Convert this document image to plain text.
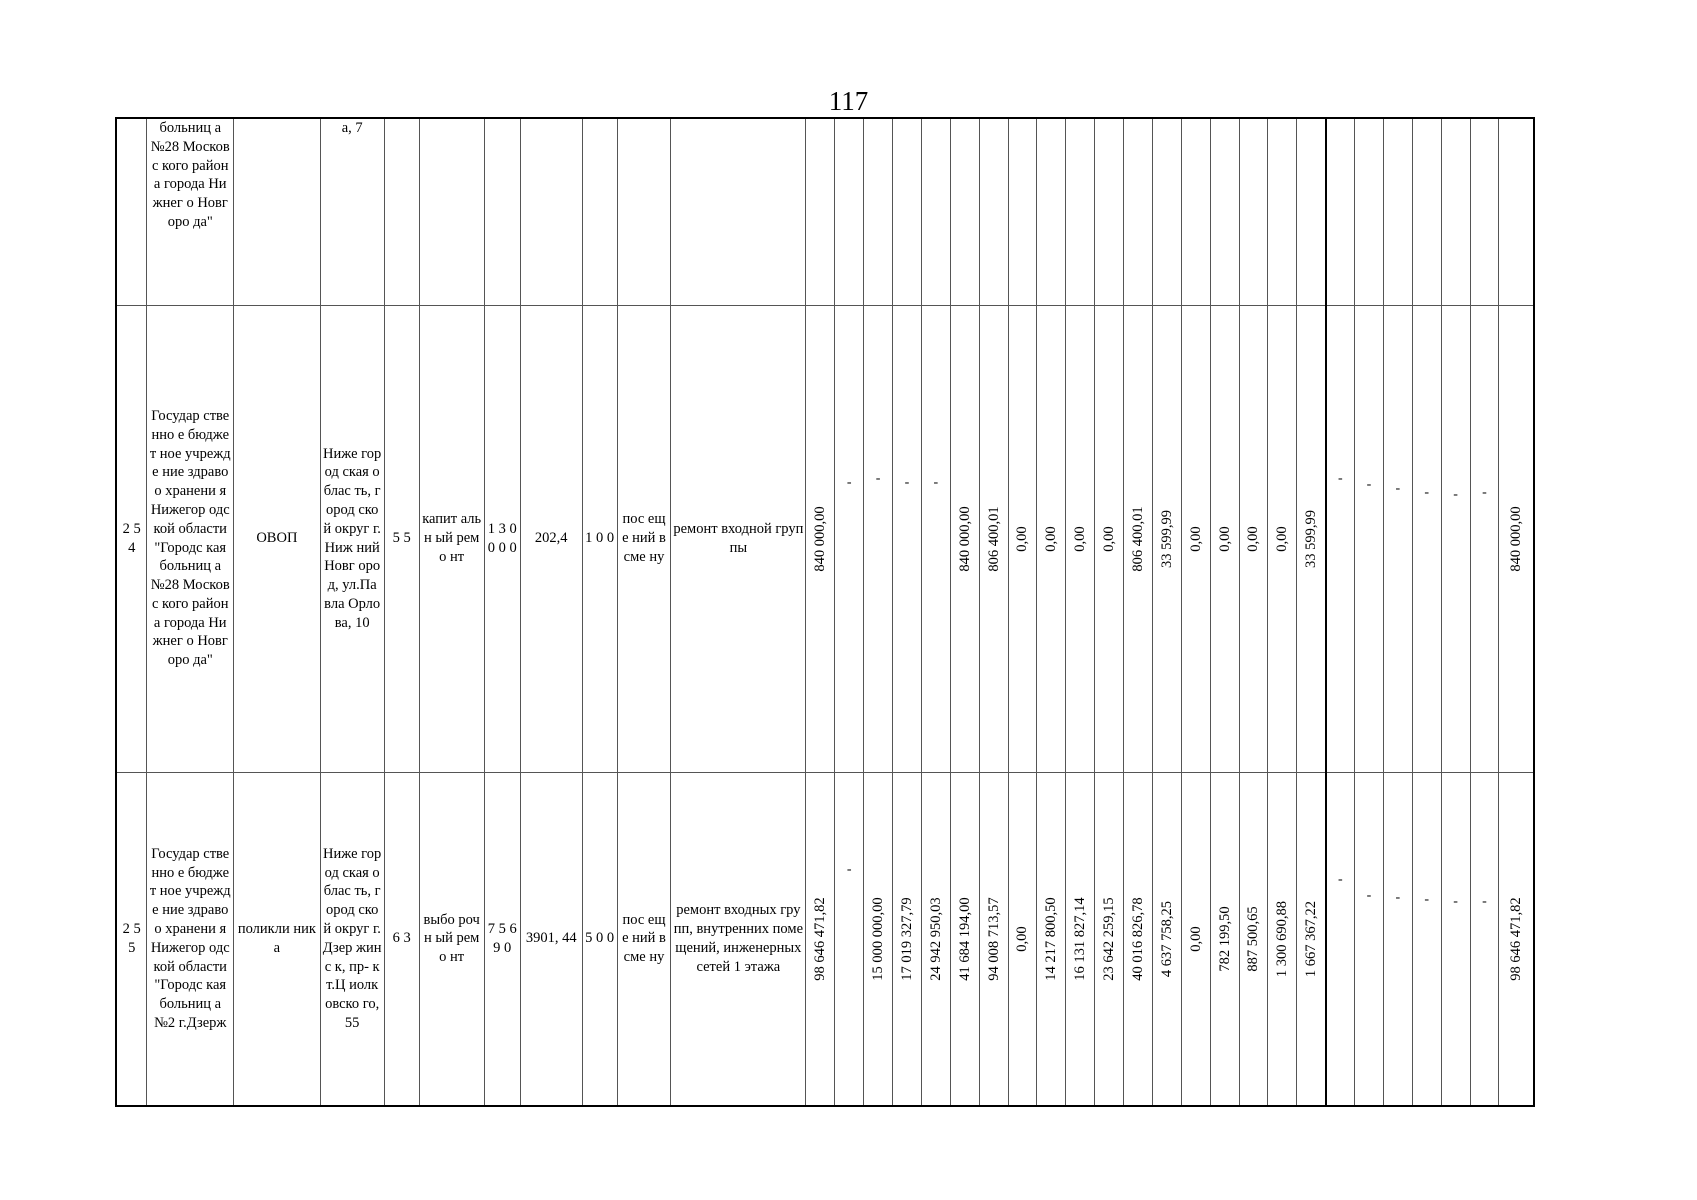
117

	больниц а №28 Московс кого района города Нижнег о Новгоро да"		а, 7																																

2 5 4	Государ ственно е бюджет ное учрежде ние здравоо хранени я Нижегор одской области "Городс кая больниц а №28 Московс кого района города Нижнег о Новгоро да"	ОВОП	Ниже город ская облас ть, город ской округ г. Ниж ний Новг ород, ул.Па вла Орло ва, 10	5 5	капит альн ый ремо нт	1 3 0 0 0 0	202,4	1 0 0	пос еще ний в сме ну	ремонт входной группы	840 000,00	-	-	-	-	840 000,00	806 400,01	0,00	0,00	0,00	0,00	806 400,01	33 599,99	0,00	0,00	0,00	0,00	33 599,99	-	-	-	-	-	-	840 000,00

2 5 5	Государ ственно е бюджет ное учрежде ние здравоо хранени я Нижегор одской области "Городс кая больниц а №2 г.Дзерж	поликли ника	Ниже город ская облас ть, город ской округ г. Дзер жинс к, пр- кт.Ц иолк овско го, 55	6 3	выбо рочн ый ремо нт	7 5 6 9 0	3901, 44	5 0 0	пос еще ний в сме ну	ремонт входных групп, внутренних помещений, инженерных сетей 1 этажа	98 646 471,82	-	15 000 000,00	17 019 327,79	24 942 950,03	41 684 194,00	94 008 713,57	0,00	14 217 800,50	16 131 827,14	23 642 259,15	40 016 826,78	4 637 758,25	0,00	782 199,50	887 500,65	1 300 690,88	1 667 367,22	-	-	-	-	-	-	98 646 471,82
